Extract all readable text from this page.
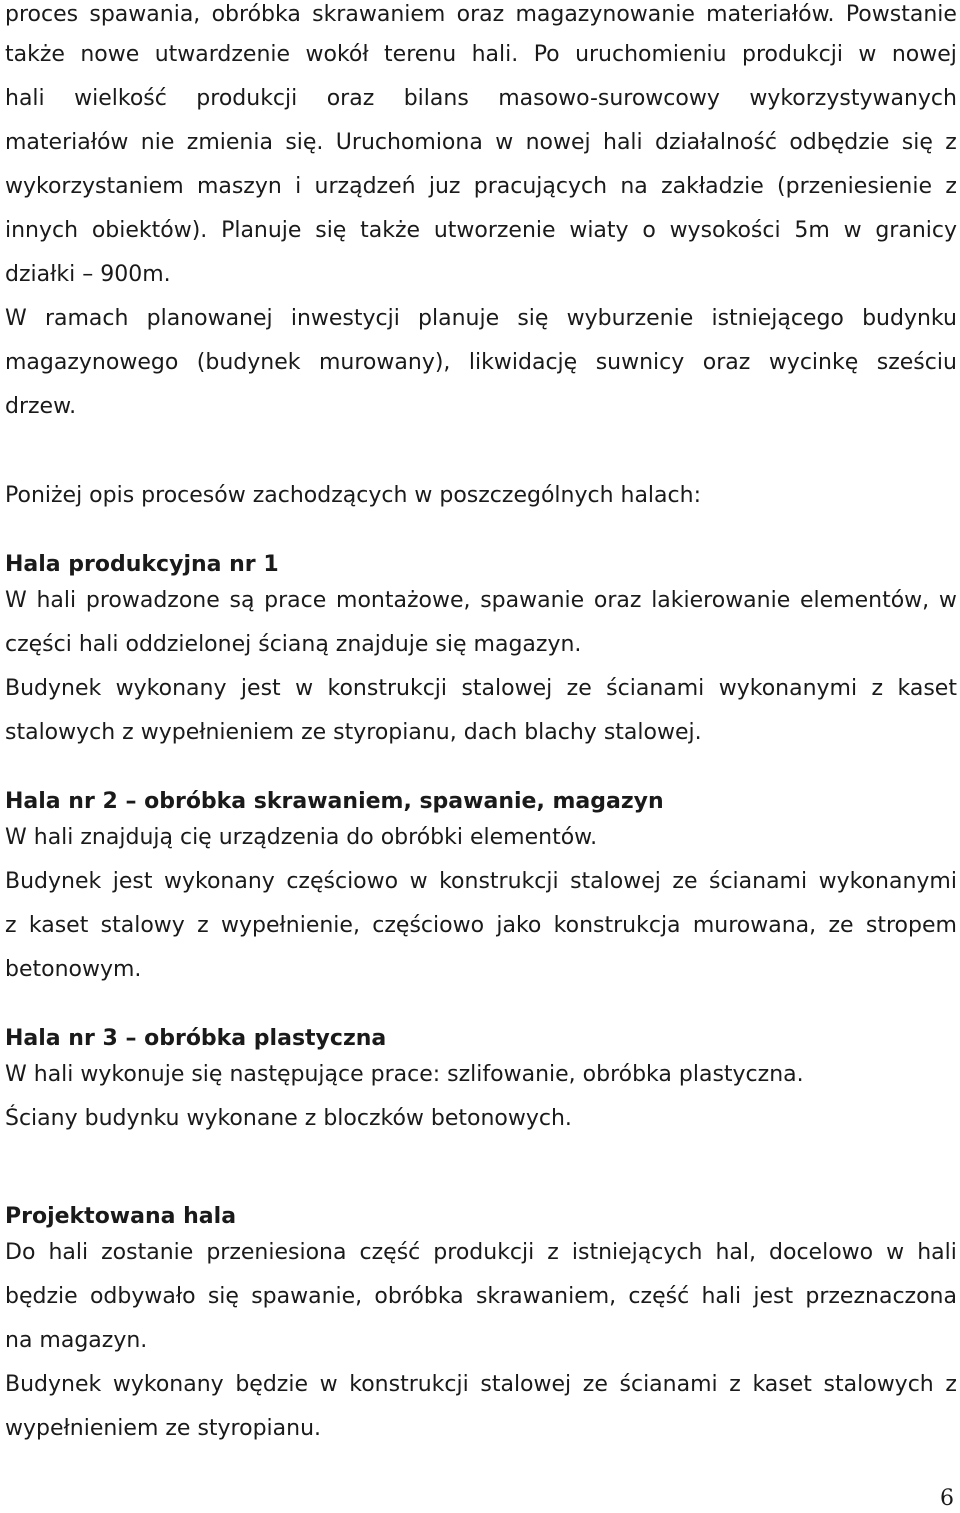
proces spawania, obróbka skrawaniem oraz magazynowanie materiałów. Powstanie
także nowe utwardzenie wokół terenu hali. Po uruchomieniu produkcji w nowej
hali wielkość produkcji oraz bilans masowo-surowcowy wykorzystywanych
materiałów nie zmienia się. Uruchomiona w nowej hali działalność odbędzie się z
wykorzystaniem maszyn i urządzeń juz pracujących na zakładzie (przeniesienie z
innych obiektów). Planuje się także utworzenie wiaty o wysokości 5m w granicy
działki – 900m.
W ramach planowanej inwestycji planuje się wyburzenie istniejącego budynku
magazynowego (budynek murowany), likwidację suwnicy oraz wycinkę sześciu
drzew.
Poniżej opis procesów zachodzących w poszczególnych halach:
Hala produkcyjna nr 1
W hali prowadzone są prace montażowe, spawanie oraz lakierowanie elementów, w
części hali oddzielonej ścianą znajduje się magazyn.
Budynek wykonany jest w konstrukcji stalowej ze ścianami wykonanymi z kaset
stalowych z wypełnieniem ze styropianu, dach blachy stalowej.
Hala nr 2 – obróbka skrawaniem, spawanie, magazyn
W hali znajdują cię urządzenia do obróbki elementów.
Budynek jest wykonany częściowo w konstrukcji stalowej ze ścianami wykonanymi
z kaset stalowy z wypełnienie, częściowo jako konstrukcja murowana, ze stropem
betonowym.
Hala nr 3 – obróbka plastyczna
W hali wykonuje się następujące prace: szlifowanie, obróbka plastyczna.
Ściany budynku wykonane z bloczków betonowych.
Projektowana hala
Do hali zostanie przeniesiona część produkcji z istniejących hal, docelowo w hali
będzie odbywało się spawanie, obróbka skrawaniem, część hali jest przeznaczona
na magazyn.
Budynek wykonany będzie w konstrukcji stalowej ze ścianami z kaset stalowych z
wypełnieniem ze styropianu.
6
